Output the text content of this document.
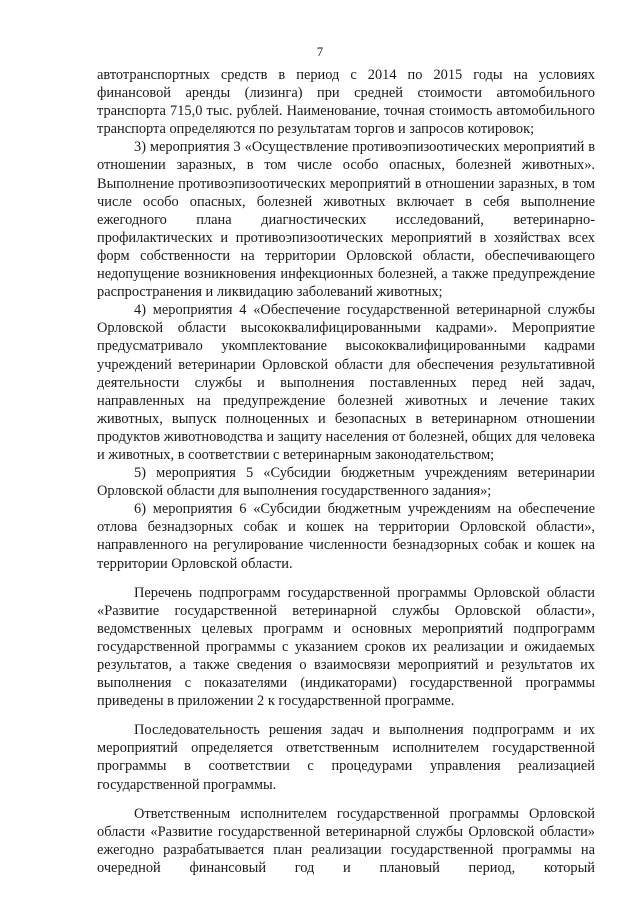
7

автотранспортных средств в период с 2014 по 2015 годы на условиях финансовой аренды (лизинга) при средней стоимости автомобильного транспорта 715,0 тыс. рублей. Наименование, точная стоимость автомобильного транспорта определяются по результатам торгов и запросов котировок;

3) мероприятия 3 «Осуществление противоэпизоотических мероприятий в отношении заразных, в том числе особо опасных, болезней животных». Выполнение противоэпизоотических мероприятий в отношении заразных, в том числе особо опасных, болезней животных включает в себя выполнение ежегодного плана диагностических исследований, ветеринарно-профилактических и противоэпизоотических мероприятий в хозяйствах всех форм собственности на территории Орловской области, обеспечивающего недопущение возникновения инфекционных болезней, а также предупреждение распространения и ликвидацию заболеваний животных;

4) мероприятия 4 «Обеспечение государственной ветеринарной службы Орловской области высококвалифицированными кадрами». Мероприятие предусматривало укомплектование высококвалифицированными кадрами учреждений ветеринарии Орловской области для обеспечения результативной деятельности службы и выполнения поставленных перед ней задач, направленных на предупреждение болезней животных и лечение таких животных, выпуск полноценных и безопасных в ветеринарном отношении продуктов животноводства и защиту населения от болезней, общих для человека и животных, в соответствии с ветеринарным законодательством;

5) мероприятия 5 «Субсидии бюджетным учреждениям ветеринарии Орловской области для выполнения государственного задания»;

6) мероприятия 6 «Субсидии бюджетным учреждениям на обеспечение отлова безнадзорных собак и кошек на территории Орловской области», направленного на регулирование численности безнадзорных собак и кошек на территории Орловской области.

Перечень подпрограмм государственной программы Орловской области «Развитие государственной ветеринарной службы Орловской области», ведомственных целевых программ и основных мероприятий подпрограмм государственной программы с указанием сроков их реализации и ожидаемых результатов, а также сведения о взаимосвязи мероприятий и результатов их выполнения с показателями (индикаторами) государственной программы приведены в приложении 2 к государственной программе.

Последовательность решения задач и выполнения подпрограмм и их мероприятий определяется ответственным исполнителем государственной программы в соответствии с процедурами управления реализацией государственной программы.

Ответственным исполнителем государственной программы Орловской области «Развитие государственной ветеринарной службы Орловской области» ежегодно разрабатывается план реализации государственной программы на очередной финансовый год и плановый период, который
